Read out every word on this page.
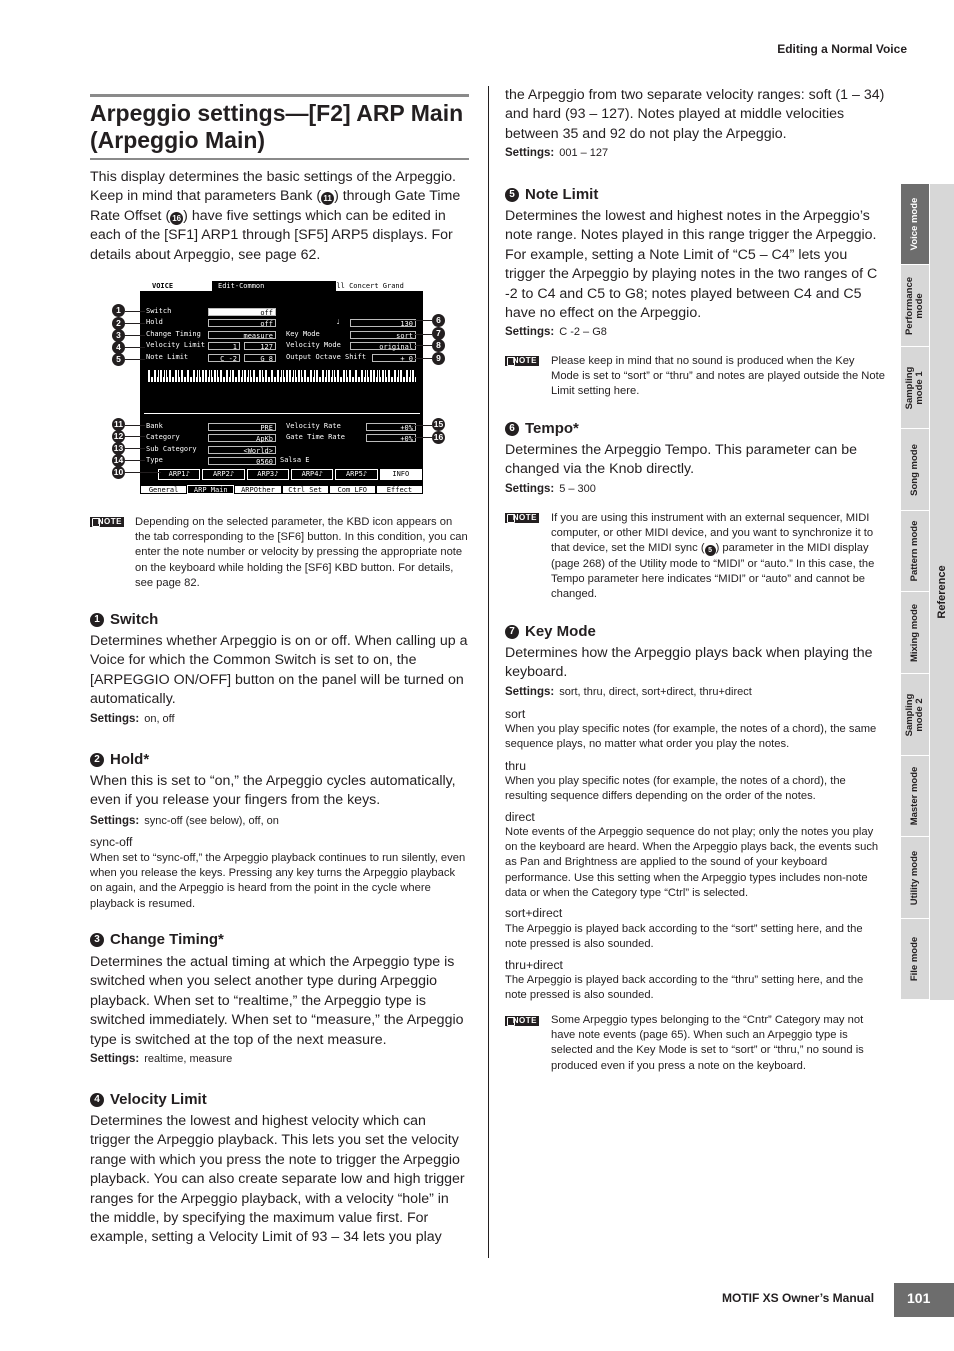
Editing a Normal Voice
Arpeggio settings—[F2] ARP Main (Arpeggio Main)

This display determines the basic settings of the Arpeggio. Keep in mind that parameters Bank ( 11 ) through Gate Time Rate Offset ( 16 ) have five settings which can be edited in each of the [SF1] ARP1 through [SF5] ARP5 displays. For details about Arpeggio, see page 62.

VOICE	Edit-Common	Full Concert Grand
Switch	off
Hold	off
Change Timing	measure
Velocity Limit	1	127
Note Limit	C -2	G 8
♩	130
Key Mode	sort
Velocity Mode	original
Output Octave Shift	+ 0
Bank	PRE
Category	ApKb
Sub Category	<World>
Type	0560	Salsa E
Velocity Rate	+0%
Gate Time Rate	+0%
ARP1♪	ARP2♪	ARP3♪	ARP4♪	ARP5♪	INFO
General	ARP Main	ARPOther	Ctrl Set	Com LFO	Effect
1
2
3
4
5
11
12
13
14
10
6
7
8
9
15
16
NOTE Depending on the selected parameter, the KBD icon appears on the tab corresponding to the [SF6] button. In this condition, you can enter the note number or velocity by pressing the appropriate note on the keyboard while holding the [SF6] KBD button. For details, see page 82.

1 Switch

Determines whether Arpeggio is on or off. When calling up a Voice for which the Common Switch is set to on, the [ARPEGGIO ON/OFF] button on the panel will be turned on automatically.

Settings: on, off
2 Hold*

When this is set to “on,” the Arpeggio cycles automatically, even if you release your fingers from the keys.

Settings: sync-off (see below), off, on
sync-off

When set to “sync-off,” the Arpeggio playback continues to run silently, even when you release the keys. Pressing any key turns the Arpeggio playback on again, and the Arpeggio is heard from the point in the cycle where playback is resumed.

3 Change Timing*

Determines the actual timing at which the Arpeggio type is switched when you select another type during Arpeggio playback. When set to “realtime,” the Arpeggio type is switched immediately. When set to “measure,” the Arpeggio type is switched at the top of the next measure.

Settings: realtime, measure
4 Velocity Limit

Determines the lowest and highest velocity which can trigger the Arpeggio playback. This lets you set the velocity range with which you press the note to trigger the Arpeggio playback. You can also create separate low and high trigger ranges for the Arpeggio playback, with a velocity “hole” in the middle, by specifying the maximum value first. For example, setting a Velocity Limit of 93 – 34 lets you play

the Arpeggio from two separate velocity ranges: soft (1 – 34) and hard (93 – 127). Notes played at middle velocities between 35 and 92 do not play the Arpeggio.

Settings: 001 – 127
5 Note Limit

Determines the lowest and highest notes in the Arpeggio’s note range. Notes played in this range trigger the Arpeggio. For example, setting a Note Limit of “C5 – C4” lets you trigger the Arpeggio by playing notes in the two ranges of C -2 to C4 and C5 to G8; notes played between C4 and C5 have no effect on the Arpeggio.

Settings: C -2 – G8
NOTE Please keep in mind that no sound is produced when the Key Mode is set to “sort” or “thru” and notes are played outside the Note Limit setting here.

6 Tempo*

Determines the Arpeggio Tempo. This parameter can be changed via the Knob directly.

Settings: 5 – 300
NOTE If you are using this instrument with an external sequencer, MIDI computer, or other MIDI device, and you want to synchronize it to that device, set the MIDI sync ( 5 ) parameter in the MIDI display (page 268) of the Utility mode to “MIDI” or “auto.” In this case, the Tempo parameter here indicates “MIDI” or “auto” and cannot be changed.

7 Key Mode

Determines how the Arpeggio plays back when playing the keyboard.

Settings: sort, thru, direct, sort+direct, thru+direct
sort

When you play specific notes (for example, the notes of a chord), the same sequence plays, no matter what order you play the notes.

thru

When you play specific notes (for example, the notes of a chord), the resulting sequence differs depending on the order of the notes.

direct

Note events of the Arpeggio sequence do not play; only the notes you play on the keyboard are heard. When the Arpeggio plays back, the events such as Pan and Brightness are applied to the sound of your keyboard performance. Use this setting when the Arpeggio types includes non-note data or when the Category type “Ctrl” is selected.

sort+direct

The Arpeggio is played back according to the “sort” setting here, and the note pressed is also sounded.

thru+direct

The Arpeggio is played back according to the “thru” setting here, and the note pressed is also sounded.

NOTE Some Arpeggio types belonging to the “Cntr” Category may not have note events (page 65). When such an Arpeggio type is selected and the Key Mode is set to “sort” or “thru,” no sound is produced even if you press a note on the keyboard.

Voice mode
Performance mode
Sampling mode 1
Song mode
Pattern mode
Mixing mode
Sampling mode 2
Master mode
Utility mode
File mode
Reference
MOTIF XS Owner’s Manual	101
